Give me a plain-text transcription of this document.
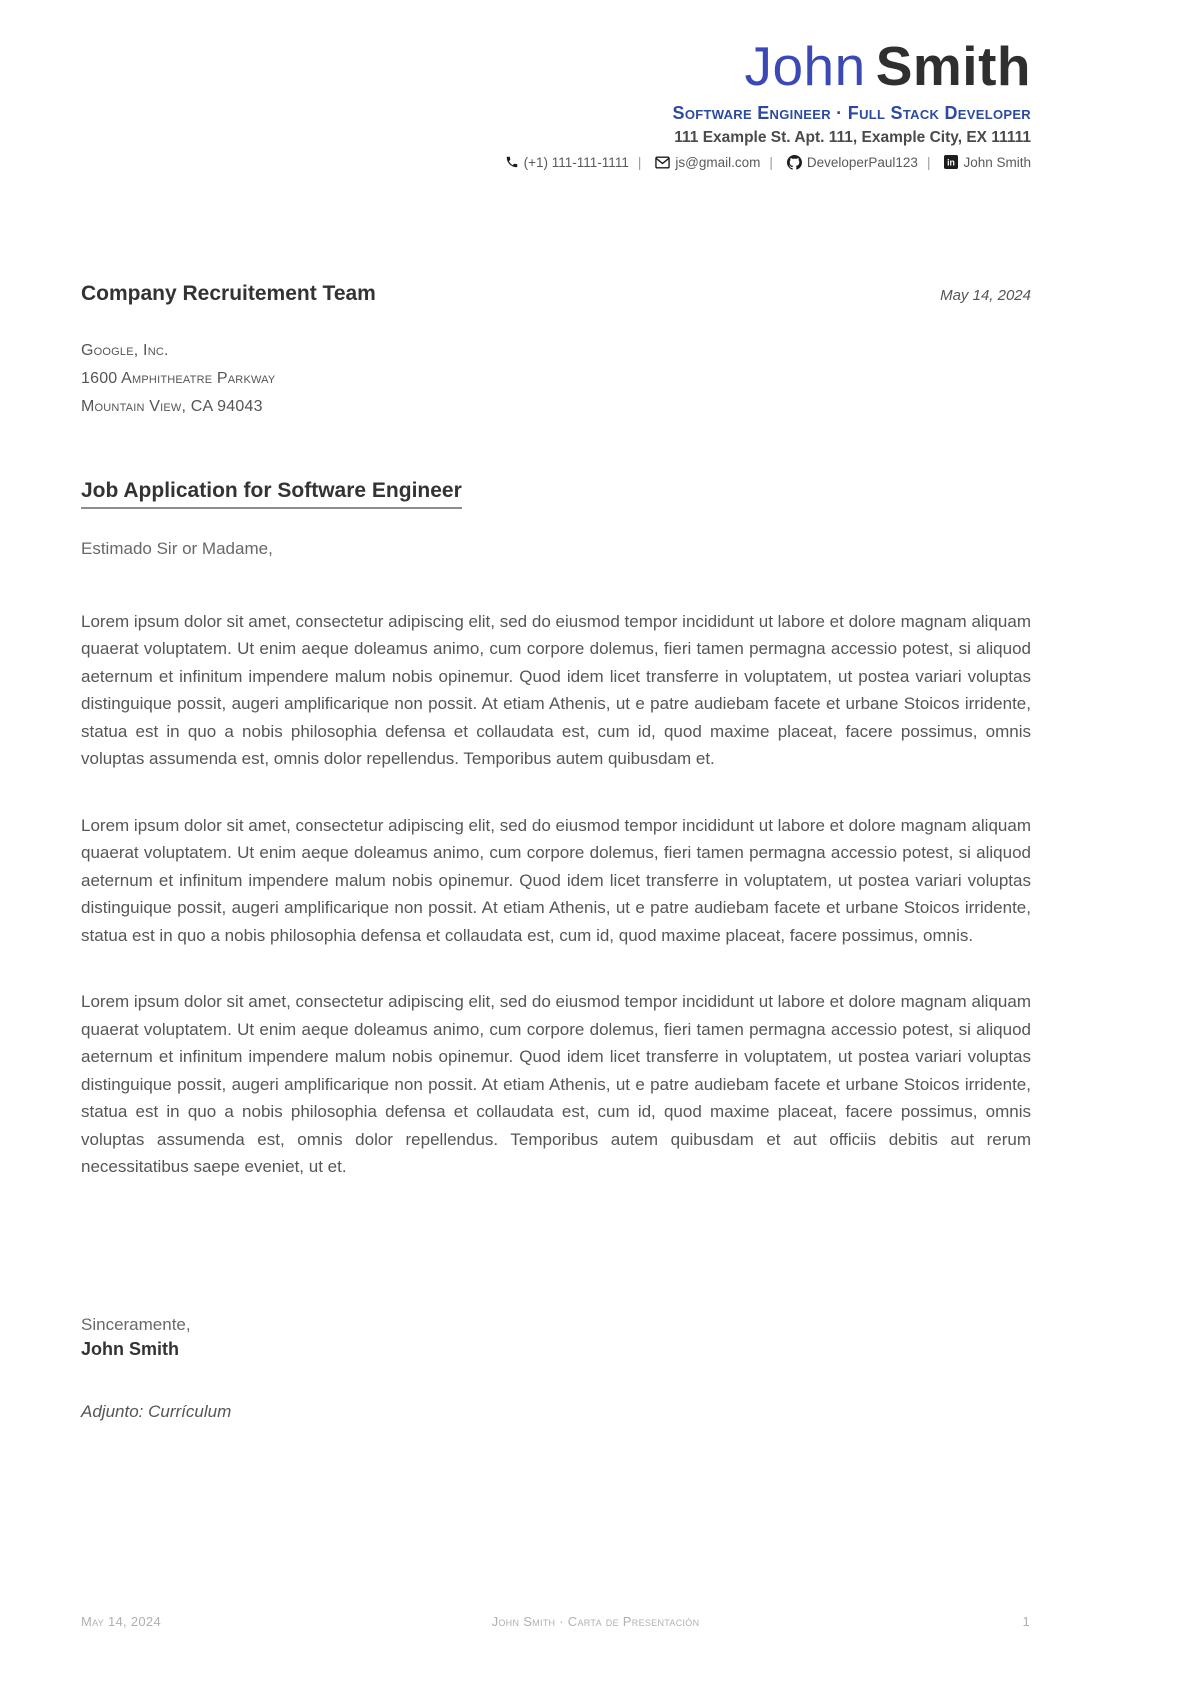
John Smith
Software Engineer · Full Stack Developer
111 Example St. Apt. 111, Example City, EX 11111
(+1) 111-111-1111	| js@gmail.com	| DeveloperPaul123	| in John Smith
Company Recruitement Team	May 14, 2024
Google, Inc.
1600 Amphitheatre Parkway
Mountain View, CA 94043
Job Application for Software Engineer
Estimado Sir or Madame,

Lorem ipsum dolor sit amet, consectetur adipiscing elit, sed do eiusmod tempor incididunt ut labore et dolore magnam aliquam quaerat voluptatem. Ut enim aeque doleamus animo, cum corpore dolemus, fieri tamen permagna accessio potest, si aliquod aeternum et infinitum impendere malum nobis opinemur. Quod idem licet transferre in voluptatem, ut postea variari voluptas distinguique possit, augeri amplificarique non possit. At etiam Athenis, ut e patre audiebam facete et urbane Stoicos irridente, statua est in quo a nobis philosophia defensa et collaudata est, cum id, quod maxime placeat, facere possimus, omnis voluptas assumenda est, omnis dolor repellendus. Temporibus autem quibusdam et.

Lorem ipsum dolor sit amet, consectetur adipiscing elit, sed do eiusmod tempor incididunt ut labore et dolore magnam aliquam quaerat voluptatem. Ut enim aeque doleamus animo, cum corpore dolemus, fieri tamen permagna accessio potest, si aliquod aeternum et infinitum impendere malum nobis opinemur. Quod idem licet transferre in voluptatem, ut postea variari voluptas distinguique possit, augeri amplificarique non possit. At etiam Athenis, ut e patre audiebam facete et urbane Stoicos irridente, statua est in quo a nobis philosophia defensa et collaudata est, cum id, quod maxime placeat, facere possimus, omnis.

Lorem ipsum dolor sit amet, consectetur adipiscing elit, sed do eiusmod tempor incididunt ut labore et dolore magnam aliquam quaerat voluptatem. Ut enim aeque doleamus animo, cum corpore dolemus, fieri tamen permagna accessio potest, si aliquod aeternum et infinitum impendere malum nobis opinemur. Quod idem licet transferre in voluptatem, ut postea variari voluptas distinguique possit, augeri amplificarique non possit. At etiam Athenis, ut e patre audiebam facete et urbane Stoicos irridente, statua est in quo a nobis philosophia defensa et collaudata est, cum id, quod maxime placeat, facere possimus, omnis voluptas assumenda est, omnis dolor repellendus. Temporibus autem quibusdam et aut officiis debitis aut rerum necessitatibus saepe eveniet, ut et.

Sinceramente,
John Smith
Adjunto: Currículum
John Smith · Carta de Presentación
May 14, 2024	1
